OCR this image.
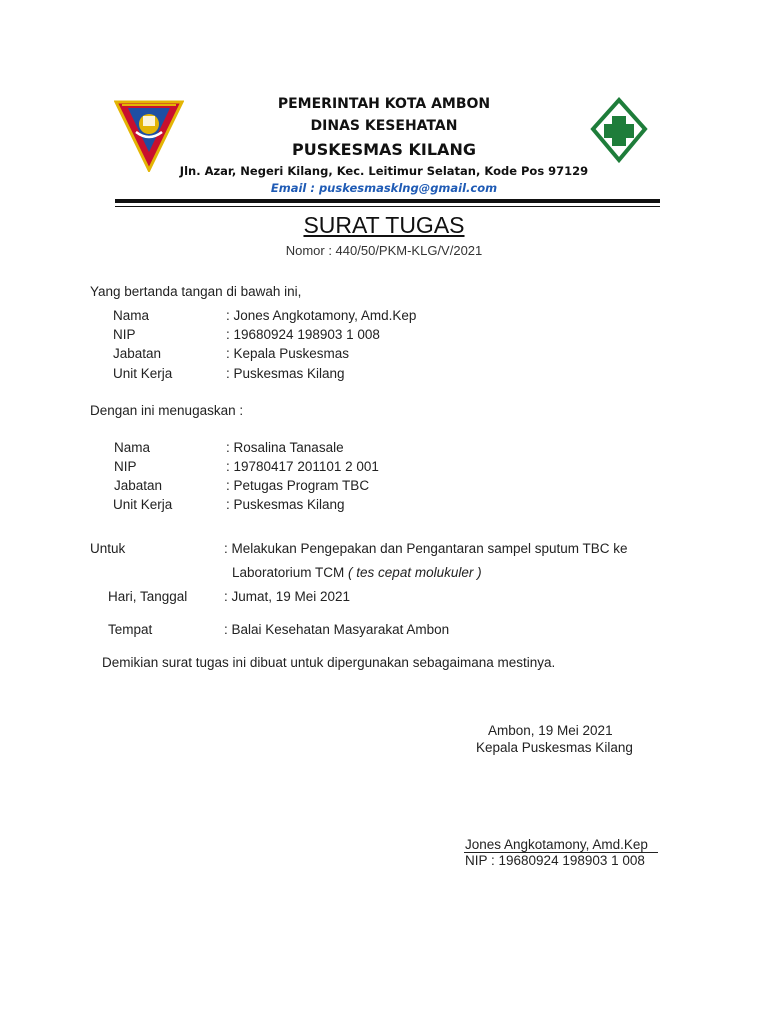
PEMERINTAH KOTA AMBON
DINAS KESEHATAN
PUSKESMAS KILANG
Jln. Azar, Negeri Kilang, Kec. Leitimur Selatan, Kode Pos 97129
Email : puskesmasklng@gmail.com
SURAT TUGAS
Nomor : 440/50/PKM-KLG/V/2021
Yang bertanda tangan di bawah ini,
Nama	: Jones Angkotamony, Amd.Kep
NIP	: 19680924 198903 1 008
Jabatan	: Kepala Puskesmas
Unit Kerja	: Puskesmas Kilang
Dengan ini menugaskan :
Nama	: Rosalina Tanasale
NIP	: 19780417 201101 2 001
Jabatan	: Petugas Program TBC
Unit Kerja	: Puskesmas Kilang
Untuk	: Melakukan Pengepakan dan Pengantaran sampel sputum TBC ke
Laboratorium TCM ( tes cepat molukuler )
Hari, Tanggal	: Jumat, 19 Mei 2021
Tempat	: Balai Kesehatan Masyarakat Ambon
Demikian surat tugas ini dibuat untuk dipergunakan sebagaimana mestinya.
Ambon, 19 Mei 2021
Kepala Puskesmas Kilang
Jones Angkotamony, Amd.Kep
NIP : 19680924 198903 1 008
